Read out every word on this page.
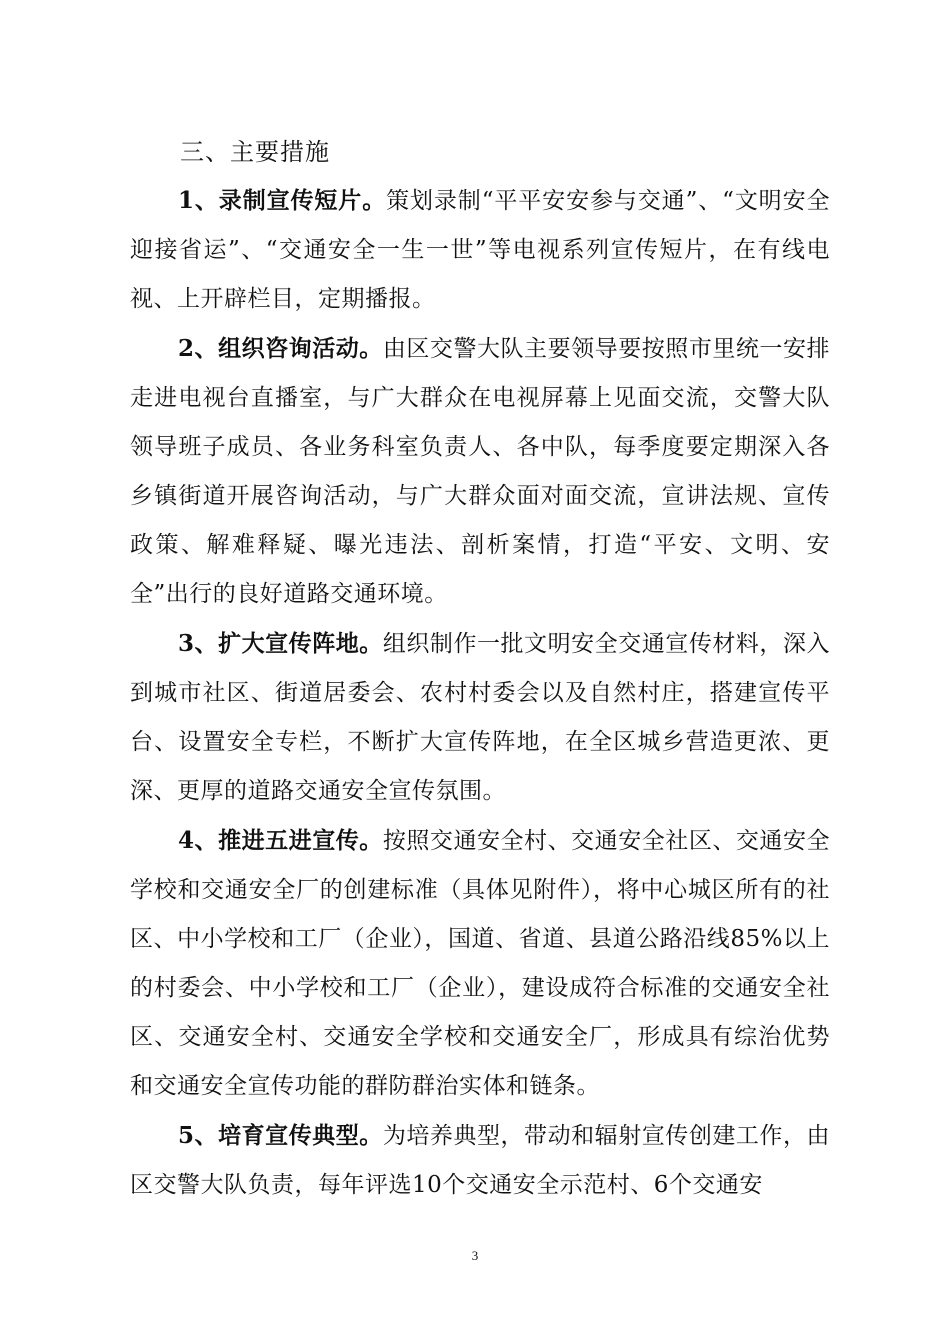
三、主要措施

1、录制宣传短片。策划录制“平平安安参与交通”、“文明安全迎接省运”、“交通安全一生一世”等电视系列宣传短片，在有线电视、上开辟栏目，定期播报。

2、组织咨询活动。由区交警大队主要领导要按照市里统一安排走进电视台直播室，与广大群众在电视屏幕上见面交流，交警大队领导班子成员、各业务科室负责人、各中队，每季度要定期深入各乡镇街道开展咨询活动，与广大群众面对面交流，宣讲法规、宣传政策、解难释疑、曝光违法、剖析案情，打造“平安、文明、安全”出行的良好道路交通环境。

3、扩大宣传阵地。组织制作一批文明安全交通宣传材料，深入到城市社区、街道居委会、农村村委会以及自然村庄，搭建宣传平台、设置安全专栏，不断扩大宣传阵地，在全区城乡营造更浓、更深、更厚的道路交通安全宣传氛围。

4、推进五进宣传。按照交通安全村、交通安全社区、交通安全学校和交通安全厂的创建标准（具体见附件），将中心城区所有的社区、中小学校和工厂（企业），国道、省道、县道公路沿线85%以上的村委会、中小学校和工厂（企业），建设成符合标准的交通安全社区、交通安全村、交通安全学校和交通安全厂，形成具有综治优势和交通安全宣传功能的群防群治实体和链条。

5、培育宣传典型。为培养典型，带动和辐射宣传创建工作，由区交警大队负责，每年评选10个交通安全示范村、6个交通安

3
